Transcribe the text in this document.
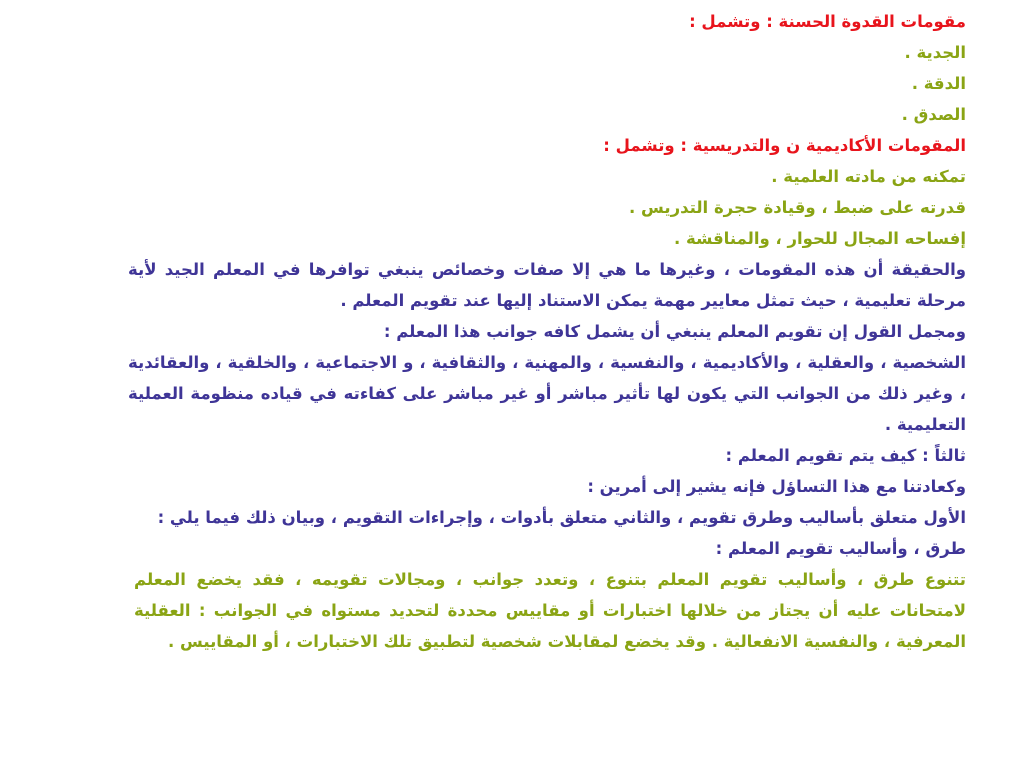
مقومات القدوة الحسنة : وتشمل :
الجدية .
الدقة .
الصدق .
المقومات الأكاديمية ن والتدريسية : وتشمل :
تمكنه من مادته العلمية .
قدرته على ضبط ، وقيادة حجرة التدريس .
إفساحه المجال للحوار ، والمناقشة .
والحقيقة أن هذه المقومات ، وغيرها ما هي إلا صفات وخصائص ينبغي توافرها في المعلم الجيد لأية مرحلة تعليمية ، حيث تمثل معايير مهمة يمكن الاستناد إليها عند تقويم المعلم .
ومجمل القول إن تقويم المعلم ينبغي أن يشمل كافه جوانب هذا المعلم :
الشخصية ، والعقلية ، والأكاديمية ، والنفسية ، والمهنية ، والثقافية ، و الاجتماعية ، والخلقية ، والعقائدية ، وغير ذلك من الجوانب التي يكون لها تأثير مباشر أو غير مباشر على كفاءته في قياده منظومة العملية التعليمية .
ثالثاً : كيف يتم تقويم المعلم :
وكعادتنا مع هذا التساؤل فإنه يشير إلى أمرين :
الأول متعلق بأساليب وطرق تقويم ، والثاني متعلق بأدوات ، وإجراءات التقويم ، وبيان ذلك فيما يلي :
طرق ، وأساليب تقويم المعلم :
تتنوع طرق ، وأساليب تقويم المعلم بتنوع ، وتعدد جوانب ، ومجالات تقويمه ، فقد يخضع المعلم لامتحانات عليه أن يجتاز من خلالها اختبارات أو مقاييس محددة لتحديد مستواه في الجوانب : العقلية المعرفية ، والنفسية الانفعالية . وقد يخضع لمقابلات شخصية لتطبيق تلك الاختبارات ، أو المقاييس .
